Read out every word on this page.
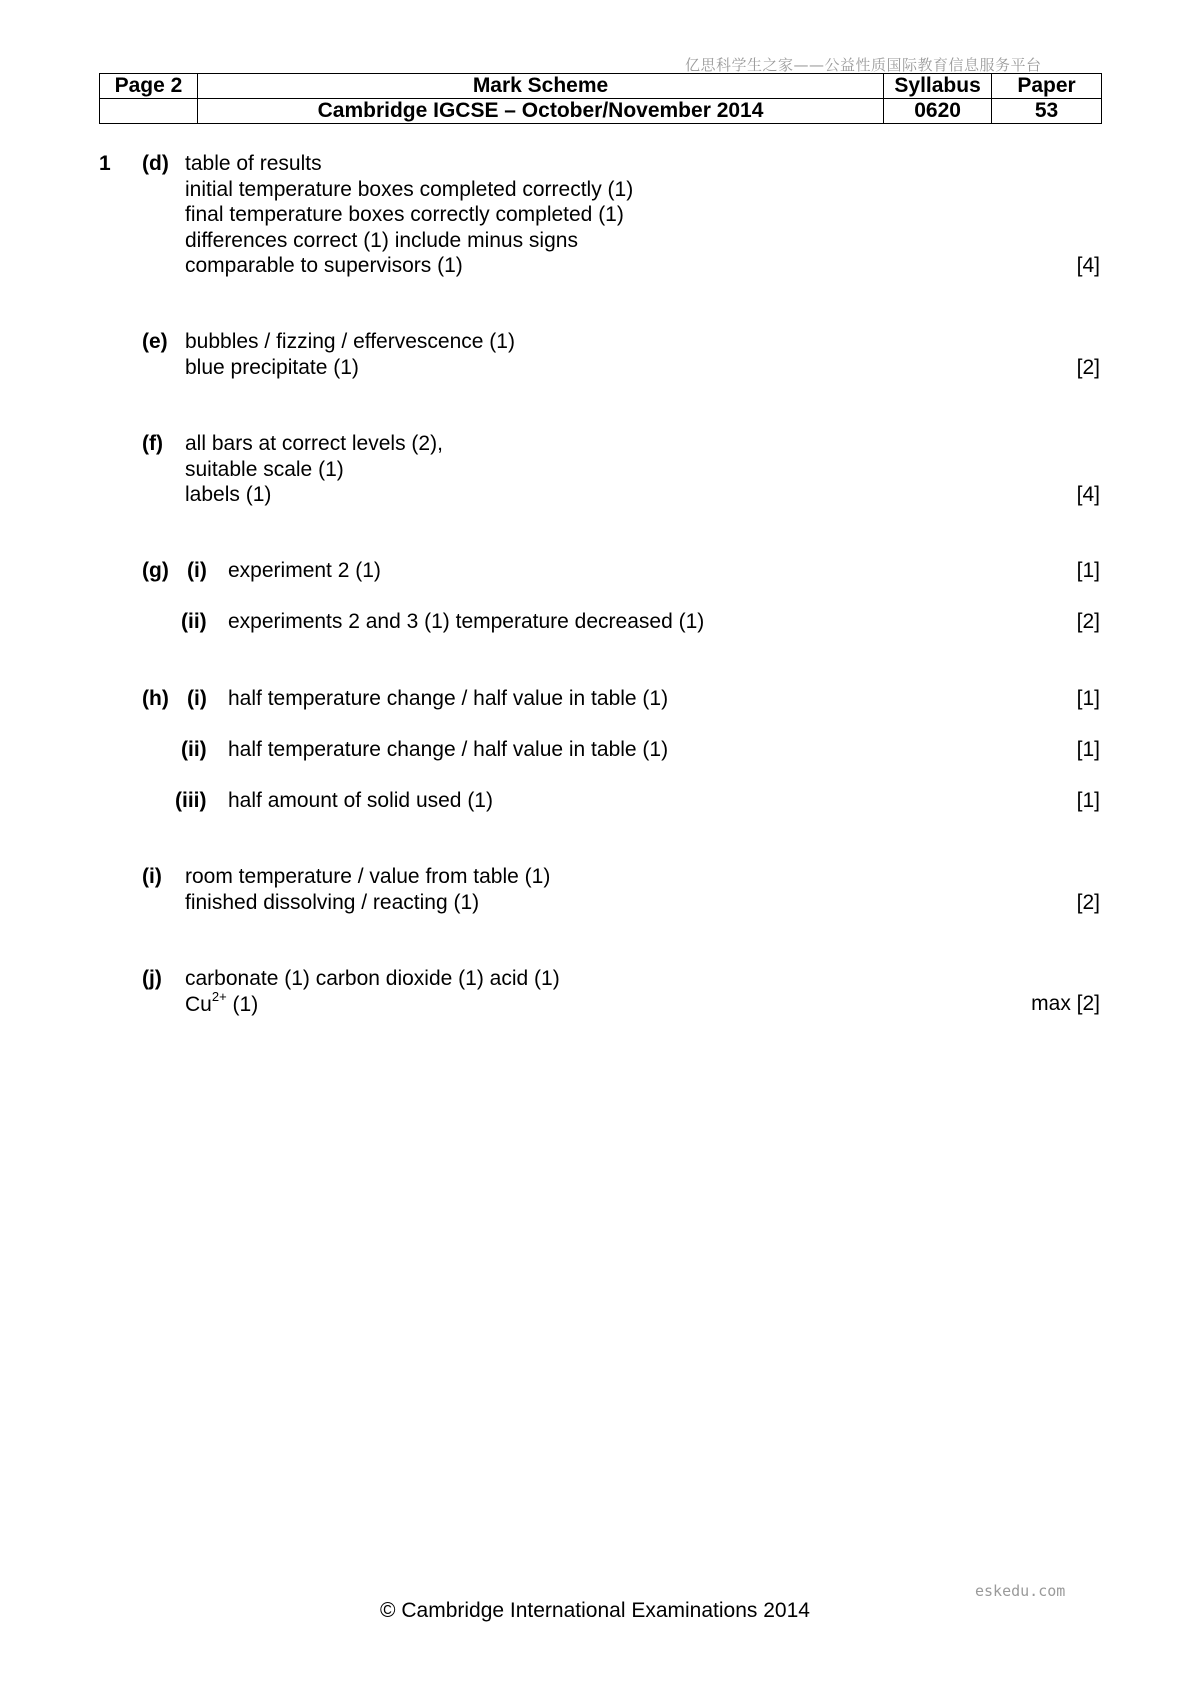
亿思科学生之家——公益性质国际教育信息服务平台
Page 2	Mark Scheme	Syllabus	Paper
	Cambridge IGCSE – October/November 2014	0620	53
1 (d) table of results
initial temperature boxes completed correctly (1)
final temperature boxes correctly completed (1)
differences correct (1) include minus signs
comparable to supervisors (1)	[4]
(e) bubbles / fizzing / effervescence (1)
blue precipitate (1)	[2]
(f) all bars at correct levels (2),
suitable scale (1)
labels (1)	[4]
(g) (i) experiment 2 (1)	[1]
(ii) experiments 2 and 3 (1) temperature decreased (1)	[2]
(h) (i) half temperature change / half value in table (1)	[1]
(ii) half temperature change / half value in table (1)	[1]
(iii) half amount of solid used (1)	[1]
(i) room temperature / value from table (1)
finished dissolving / reacting (1)	[2]
(j) carbonate (1) carbon dioxide (1) acid (1)
$Cu^{2+}$ (1)	max [2]
eskedu.com
© Cambridge International Examinations 2014
